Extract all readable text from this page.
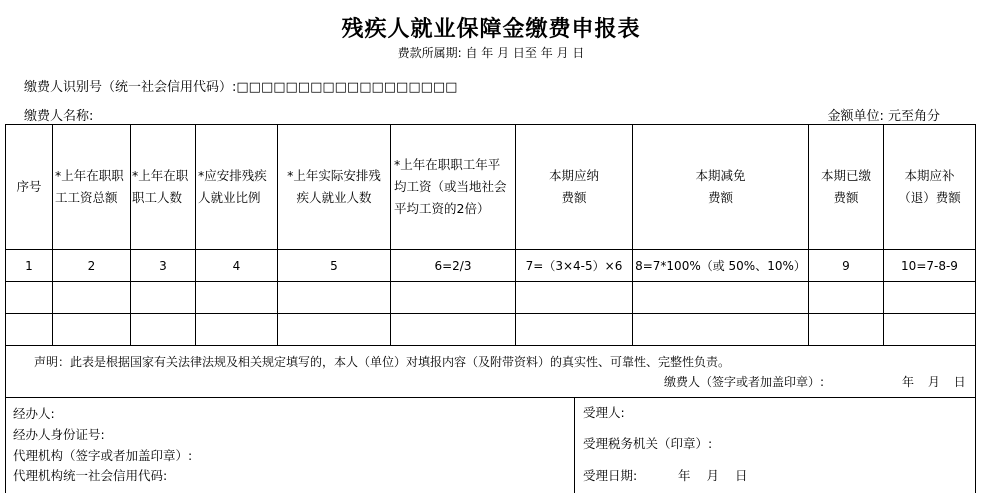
残疾人就业保障金缴费申报表
费款所属期: 自 年 月 日至 年 月 日
缴费人识别号（统一社会信用代码）:□□□□□□□□□□□□□□□□□□
缴费人名称:	金额单位: 元至角分
序号	*上年在职职工工资总额	*上年在职职工人数	*应安排残疾人就业比例	*上年实际安排残疾人就业人数	*上年在职职工年平均工资（或当地社会平均工资的2倍）	本期应纳费额	本期减免费额	本期已缴费额	本期应补（退）费额

1	2	3	4	5	6=2/3	7=（3×4-5）×6	8=7*100%（或 50%、10%）	9	10=7-8-9

声明：此表是根据国家有关法律法规及相关规定填写的，本人（单位）对填报内容（及附带资料）的真实性、可靠性、完整性负责。
缴费人（签字或者加盖印章）:	年 月 日
经办人:
经办人身份证号:
代理机构（签字或者加盖印章）:
代理机构统一社会信用代码:
受理人:
受理税务机关（印章）:
受理日期:	年 月 日
